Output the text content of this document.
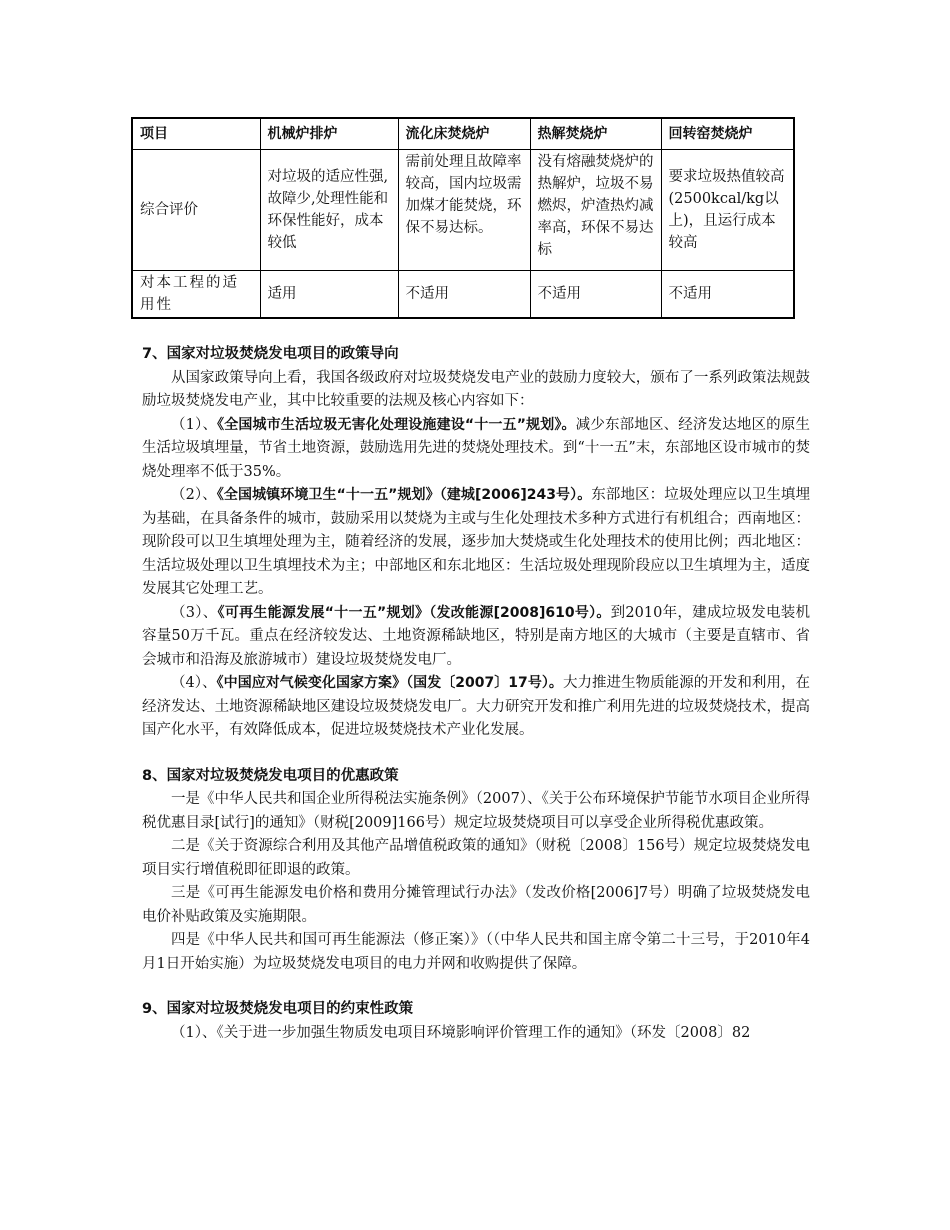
项目	机械炉排炉	流化床焚烧炉	热解焚烧炉	回转窑焚烧炉
综合评价	对垃圾的适应性强,故障少,处理性能和环保性能好，成本较低	需前处理且故障率较高，国内垃圾需加煤才能焚烧，环保不易达标。	没有熔融焚烧炉的热解炉，垃圾不易燃烬，炉渣热灼减率高，环保不易达标	要求垃圾热值较高 (2500kcal/kg以上)，且运行成本较高
对本工程的适用性	适用	不适用	不适用	不适用
7、国家对垃圾焚烧发电项目的政策导向

从国家政策导向上看，我国各级政府对垃圾焚烧发电产业的鼓励力度较大，颁布了一系列政策法规鼓励垃圾焚烧发电产业，其中比较重要的法规及核心内容如下：

（1）、《全国城市生活垃圾无害化处理设施建设“十一五”规划》。减少东部地区、经济发达地区的原生生活垃圾填埋量，节省土地资源，鼓励选用先进的焚烧处理技术。到“十一五”末，东部地区设市城市的焚烧处理率不低于35%。

（2）、《全国城镇环境卫生“十一五”规划》（建城[2006]243号）。东部地区：垃圾处理应以卫生填埋为基础，在具备条件的城市，鼓励采用以焚烧为主或与生化处理技术多种方式进行有机组合；西南地区：现阶段可以卫生填埋处理为主，随着经济的发展，逐步加大焚烧或生化处理技术的使用比例；西北地区：生活垃圾处理以卫生填埋技术为主；中部地区和东北地区：生活垃圾处理现阶段应以卫生填埋为主，适度发展其它处理工艺。

（3）、《可再生能源发展“十一五”规划》（发改能源[2008]610号）。到2010年，建成垃圾发电装机容量50万千瓦。重点在经济较发达、土地资源稀缺地区，特别是南方地区的大城市（主要是直辖市、省会城市和沿海及旅游城市）建设垃圾焚烧发电厂。

（4）、《中国应对气候变化国家方案》（国发〔2007〕17号）。大力推进生物质能源的开发和利用，在经济发达、土地资源稀缺地区建设垃圾焚烧发电厂。大力研究开发和推广利用先进的垃圾焚烧技术，提高国产化水平，有效降低成本，促进垃圾焚烧技术产业化发展。

8、国家对垃圾焚烧发电项目的优惠政策

一是《中华人民共和国企业所得税法实施条例》（2007）、《关于公布环境保护节能节水项目企业所得税优惠目录[试行]的通知》（财税[2009]166号）规定垃圾焚烧项目可以享受企业所得税优惠政策。

二是《关于资源综合利用及其他产品增值税政策的通知》（财税〔2008〕156号）规定垃圾焚烧发电项目实行增值税即征即退的政策。

三是《可再生能源发电价格和费用分摊管理试行办法》（发改价格[2006]7号）明确了垃圾焚烧发电电价补贴政策及实施期限。

四是《中华人民共和国可再生能源法（修正案）》（（中华人民共和国主席令第二十三号，于2010年4月1日开始实施）为垃圾焚烧发电项目的电力并网和收购提供了保障。

9、国家对垃圾焚烧发电项目的约束性政策

（1）、《关于进一步加强生物质发电项目环境影响评价管理工作的通知》（环发〔2008〕82
